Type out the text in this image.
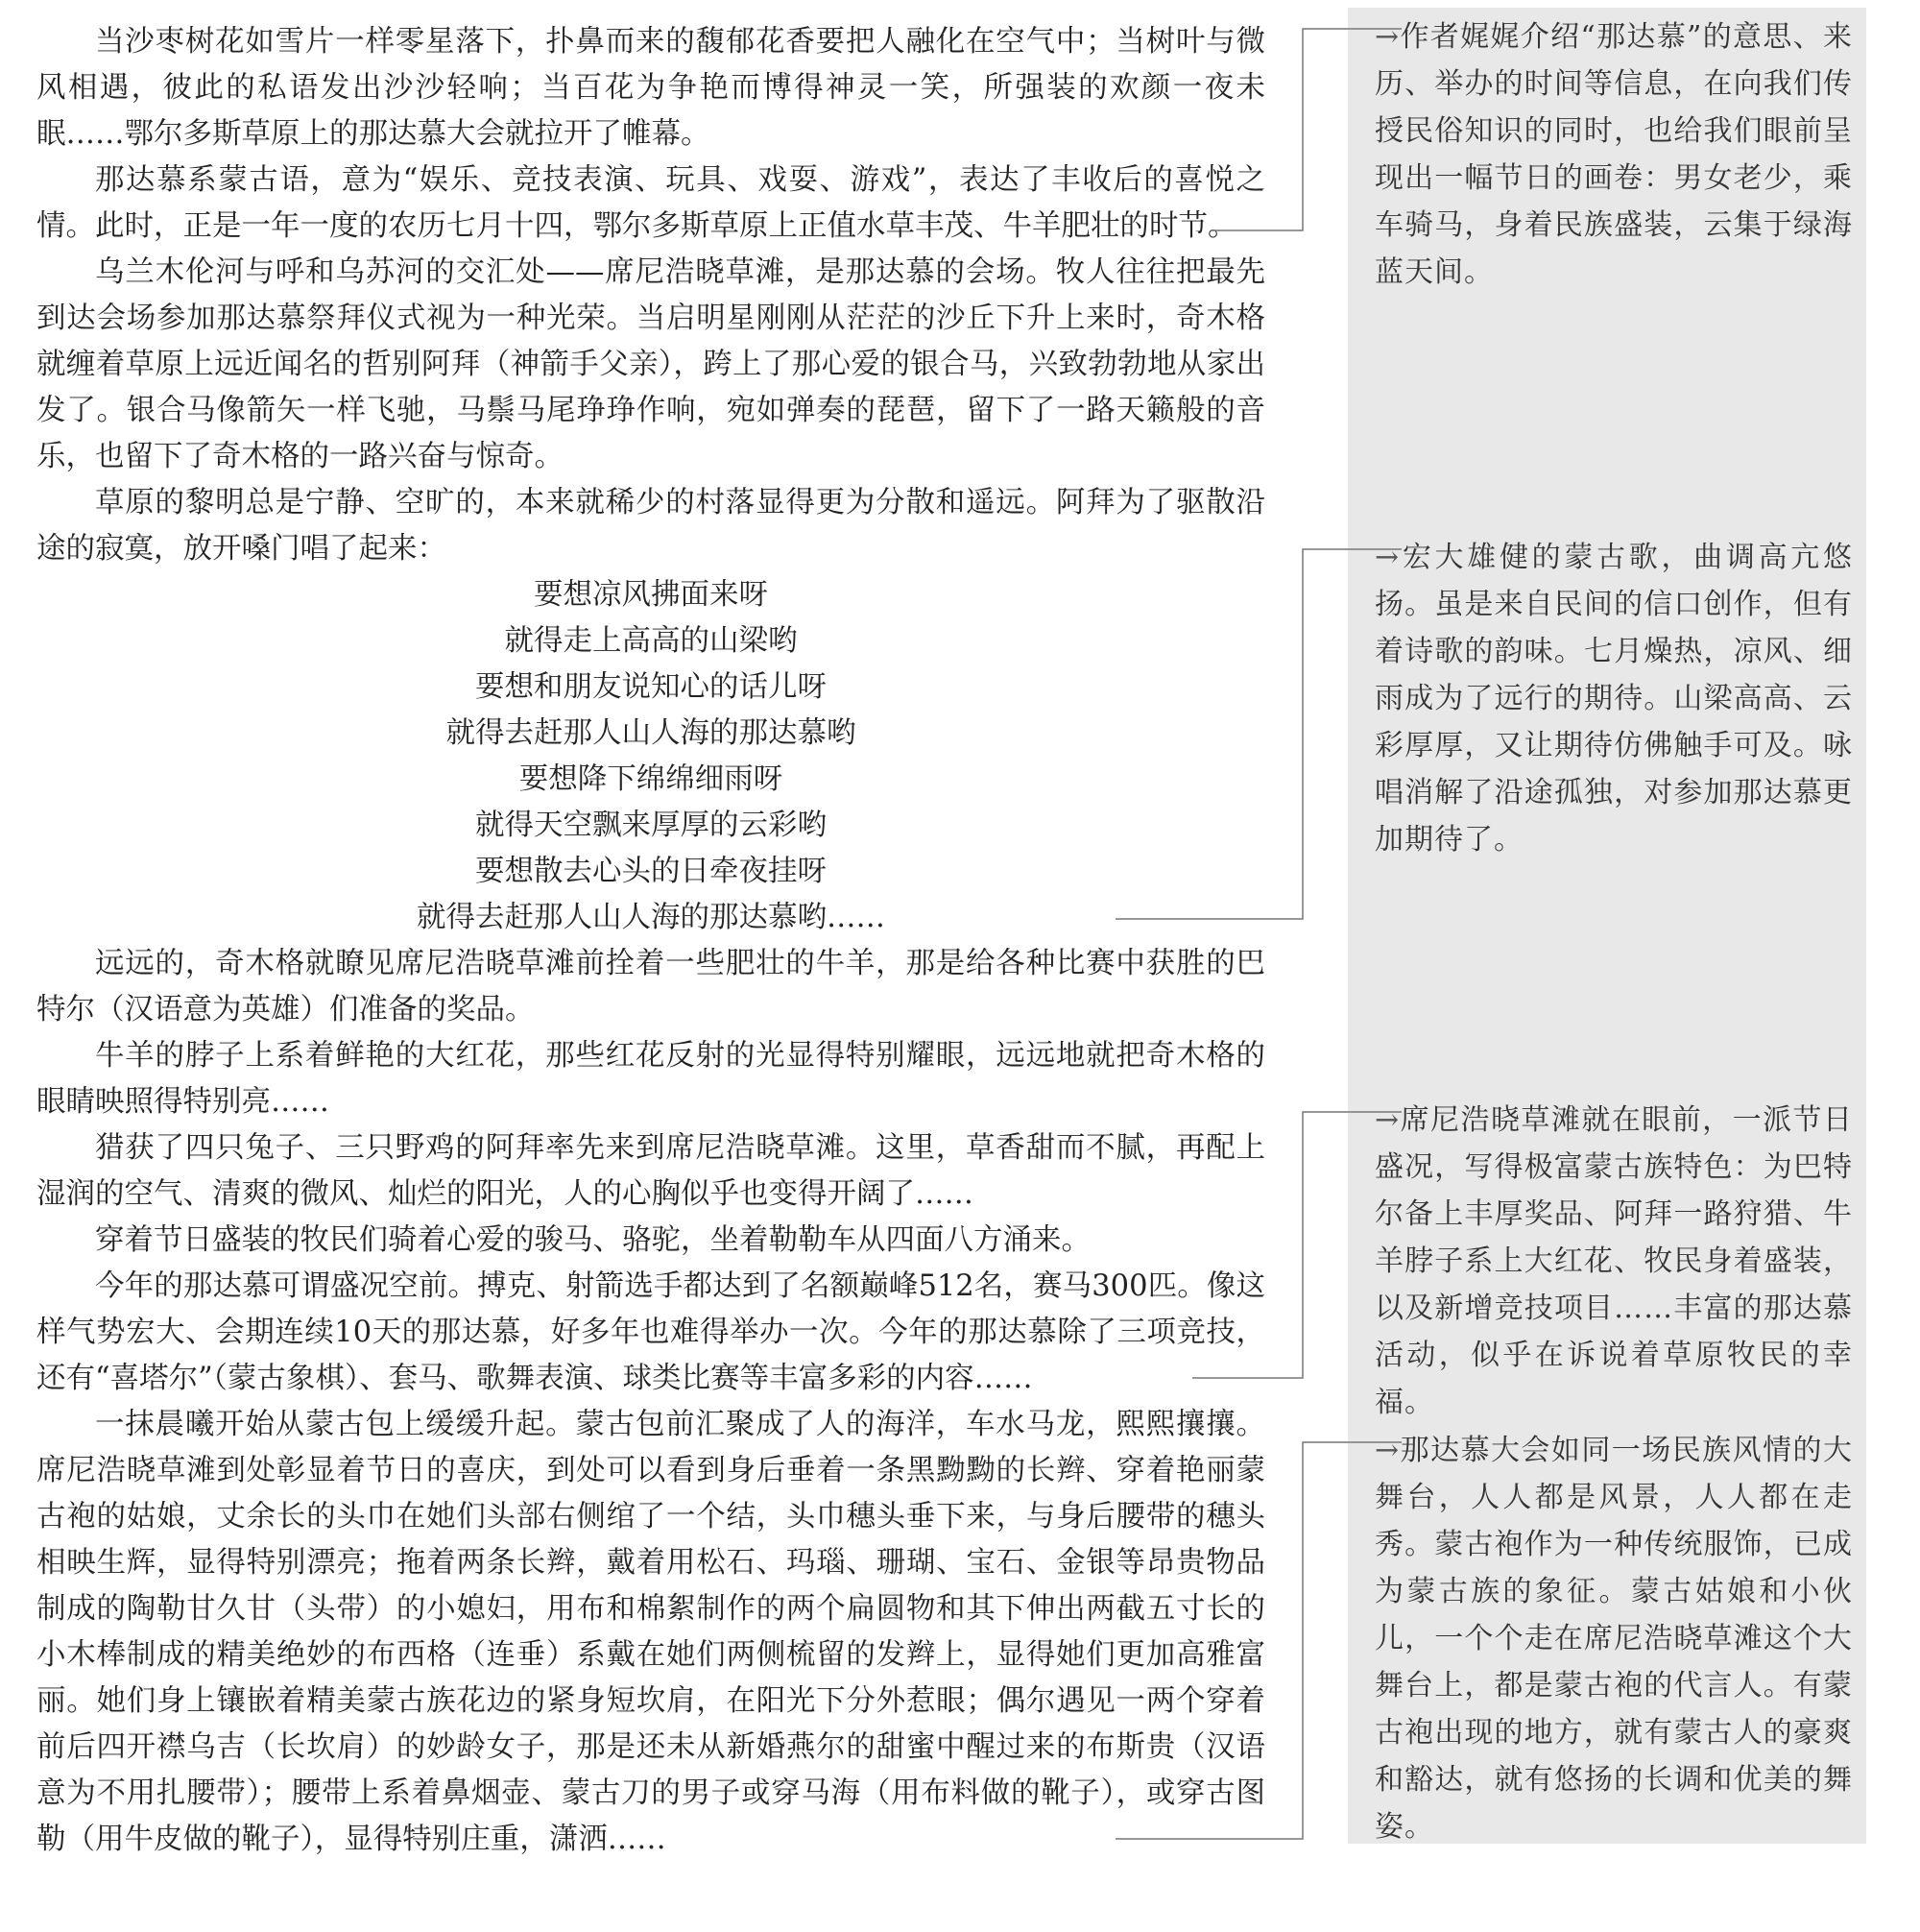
当沙枣树花如雪片一样零星落下，扑鼻而来的馥郁花香要把人融化在空气中；当树叶与微风相遇，彼此的私语发出沙沙轻响；当百花为争艳而博得神灵一笑，所强装的欢颜一夜未眠……鄂尔多斯草原上的那达慕大会就拉开了帷幕。

那达慕系蒙古语，意为“娱乐、竞技表演、玩具、戏耍、游戏”，表达了丰收后的喜悦之情。此时，正是一年一度的农历七月十四，鄂尔多斯草原上正值水草丰茂、牛羊肥壮的时节。

乌兰木伦河与呼和乌苏河的交汇处——席尼浩晓草滩，是那达慕的会场。牧人往往把最先到达会场参加那达慕祭拜仪式视为一种光荣。当启明星刚刚从茫茫的沙丘下升上来时，奇木格就缠着草原上远近闻名的哲别阿拜（神箭手父亲），跨上了那心爱的银合马，兴致勃勃地从家出发了。银合马像箭矢一样飞驰，马鬃马尾琤琤作响，宛如弹奏的琵琶，留下了一路天籁般的音乐，也留下了奇木格的一路兴奋与惊奇。

草原的黎明总是宁静、空旷的，本来就稀少的村落显得更为分散和遥远。阿拜为了驱散沿途的寂寞，放开嗓门唱了起来：

要想凉风拂面来呀

就得走上高高的山梁哟

要想和朋友说知心的话儿呀

就得去赶那人山人海的那达慕哟

要想降下绵绵细雨呀

就得天空飘来厚厚的云彩哟

要想散去心头的日牵夜挂呀

就得去赶那人山人海的那达慕哟……

远远的，奇木格就瞭见席尼浩晓草滩前拴着一些肥壮的牛羊，那是给各种比赛中获胜的巴特尔（汉语意为英雄）们准备的奖品。

牛羊的脖子上系着鲜艳的大红花，那些红花反射的光显得特别耀眼，远远地就把奇木格的眼睛映照得特别亮……

猎获了四只兔子、三只野鸡的阿拜率先来到席尼浩晓草滩。这里，草香甜而不腻，再配上湿润的空气、清爽的微风、灿烂的阳光，人的心胸似乎也变得开阔了……

穿着节日盛装的牧民们骑着心爱的骏马、骆驼，坐着勒勒车从四面八方涌来。

今年的那达慕可谓盛况空前。搏克、射箭选手都达到了名额巅峰512名，赛马300匹。像这样气势宏大、会期连续10天的那达慕，好多年也难得举办一次。今年的那达慕除了三项竞技，还有“喜塔尔”（蒙古象棋）、套马、歌舞表演、球类比赛等丰富多彩的内容……

一抹晨曦开始从蒙古包上缓缓升起。蒙古包前汇聚成了人的海洋，车水马龙，熙熙攘攘。席尼浩晓草滩到处彰显着节日的喜庆，到处可以看到身后垂着一条黑黝黝的长辫、穿着艳丽蒙古袍的姑娘，丈余长的头巾在她们头部右侧绾了一个结，头巾穗头垂下来，与身后腰带的穗头相映生辉，显得特别漂亮；拖着两条长辫，戴着用松石、玛瑙、珊瑚、宝石、金银等昂贵物品制成的陶勒甘久甘（头带）的小媳妇，用布和棉絮制作的两个扁圆物和其下伸出两截五寸长的小木棒制成的精美绝妙的布西格（连垂）系戴在她们两侧梳留的发辫上，显得她们更加高雅富丽。她们身上镶嵌着精美蒙古族花边的紧身短坎肩，在阳光下分外惹眼；偶尔遇见一两个穿着前后四开襟乌吉（长坎肩）的妙龄女子，那是还未从新婚燕尔的甜蜜中醒过来的布斯贵（汉语意为不用扎腰带）；腰带上系着鼻烟壶、蒙古刀的男子或穿马海（用布料做的靴子），或穿古图勒（用牛皮做的靴子），显得特别庄重，潇洒……

→作者娓娓介绍“那达慕”的意思、来历、举办的时间等信息，在向我们传授民俗知识的同时，也给我们眼前呈现出一幅节日的画卷：男女老少，乘车骑马，身着民族盛装，云集于绿海蓝天间。
→宏大雄健的蒙古歌，曲调高亢悠扬。虽是来自民间的信口创作，但有着诗歌的韵味。七月燥热，凉风、细雨成为了远行的期待。山梁高高、云彩厚厚，又让期待仿佛触手可及。咏唱消解了沿途孤独，对参加那达慕更加期待了。
→席尼浩晓草滩就在眼前，一派节日盛况，写得极富蒙古族特色：为巴特尔备上丰厚奖品、阿拜一路狩猎、牛羊脖子系上大红花、牧民身着盛装，以及新增竞技项目……丰富的那达慕活动，似乎在诉说着草原牧民的幸福。
→那达慕大会如同一场民族风情的大舞台，人人都是风景，人人都在走秀。蒙古袍作为一种传统服饰，已成为蒙古族的象征。蒙古姑娘和小伙儿，一个个走在席尼浩晓草滩这个大舞台上，都是蒙古袍的代言人。有蒙古袍出现的地方，就有蒙古人的豪爽和豁达，就有悠扬的长调和优美的舞姿。
